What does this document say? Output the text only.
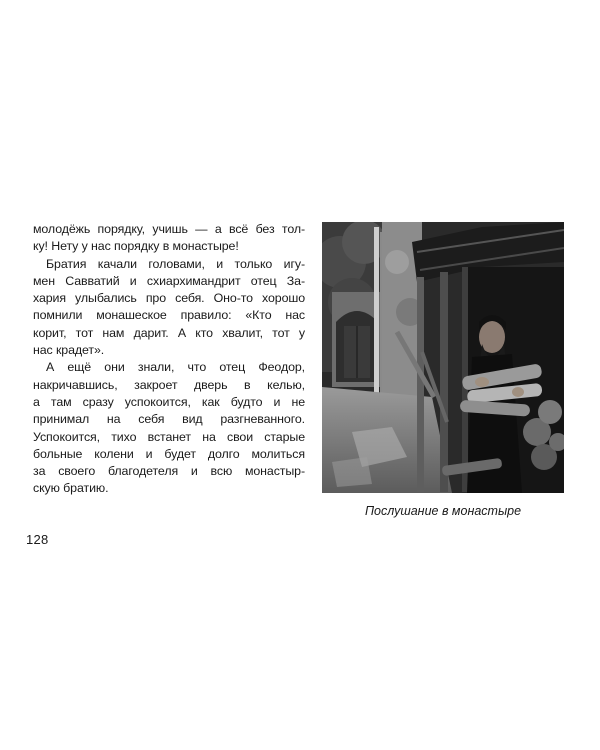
молодёжь порядку, учишь — а всё без тол-
ку! Нету у нас порядку в монастыре!
Братия качали головами, и только игу-
мен Савватий и схиархимандрит отец За-
хария улыбались про себя. Оно-то хорошо
помнили монашеское правило: «Кто нас
корит, тот нам дарит. А кто хвалит, тот у
нас крадет».
А ещё они знали, что отец Феодор,
накричавшись, закроет дверь в келью,
а там сразу успокоится, как будто и не
принимал на себя вид разгневанного.
Успокоится, тихо встанет на свои старые
больные колени и будет долго молиться
за своего благодетеля и всю монастыр-
скую братию.
128
Послушание в монастыре
